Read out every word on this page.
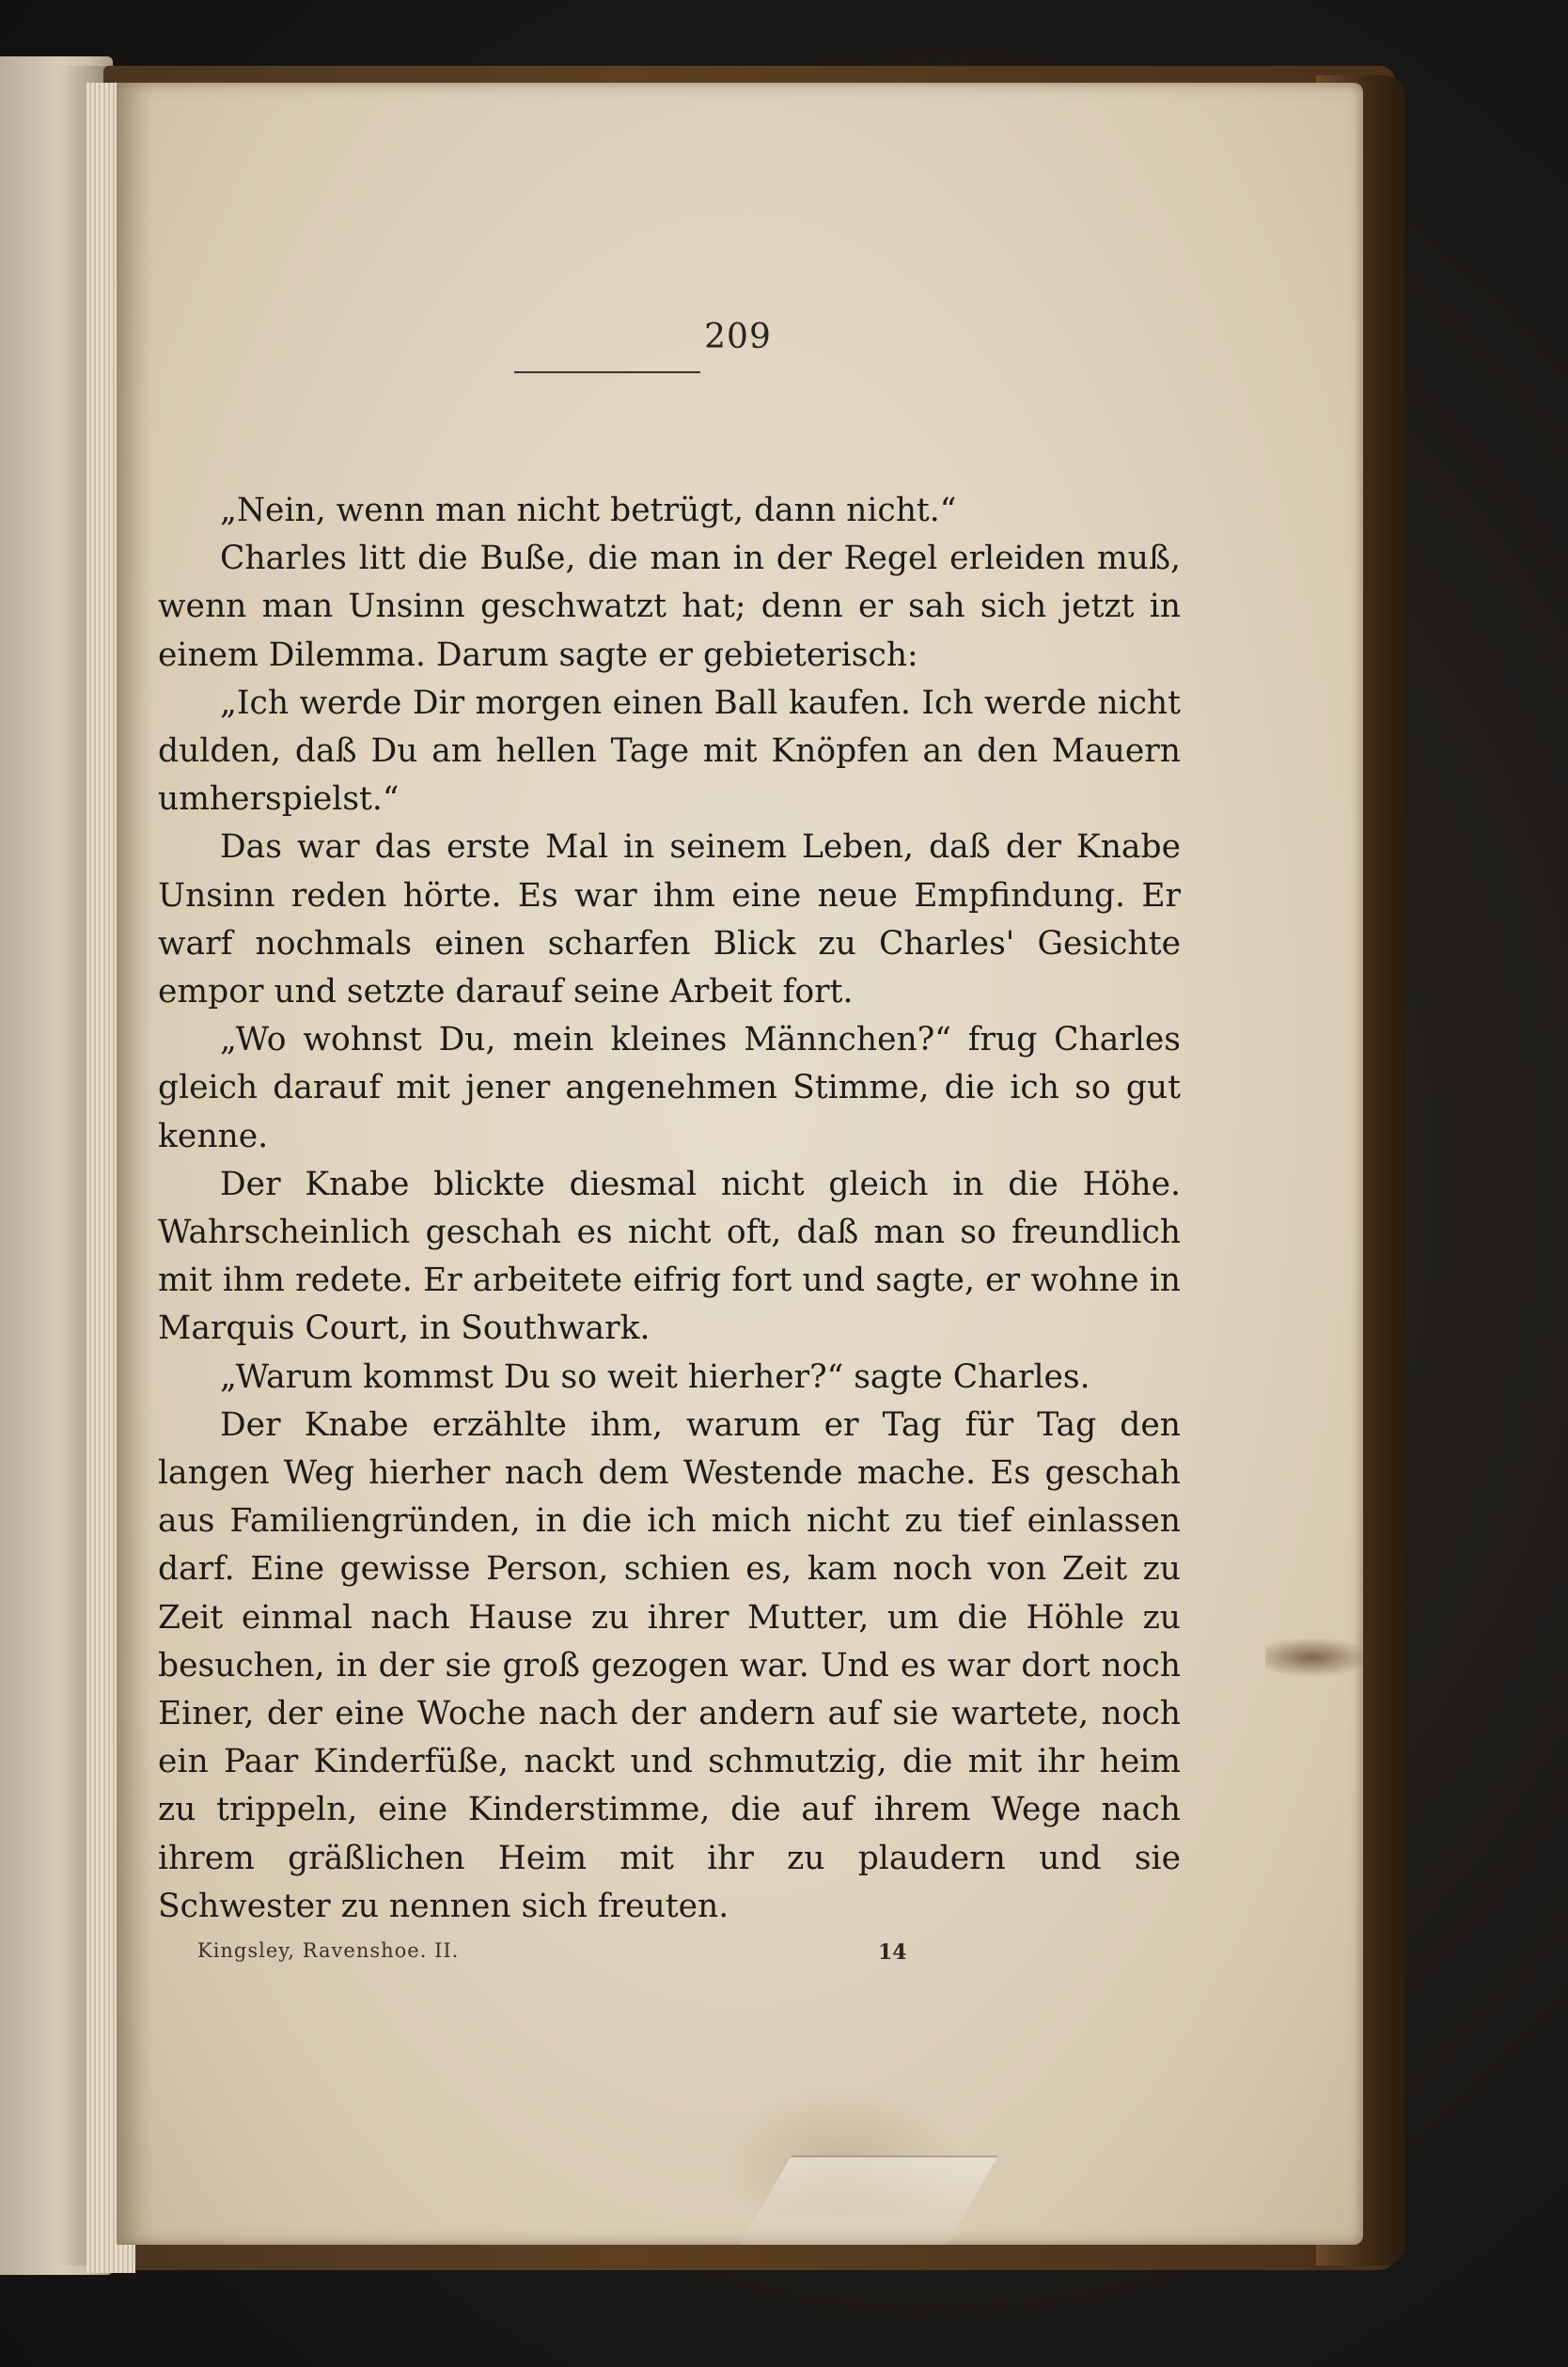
209

„Nein, wenn man nicht betrügt, dann nicht.“

Charles litt die Buße, die man in der Regel erleiden muß, wenn man Unsinn geschwatzt hat; denn er sah sich jetzt in einem Dilemma. Darum sagte er gebieterisch:

„Ich werde Dir morgen einen Ball kaufen. Ich werde nicht dulden, daß Du am hellen Tage mit Knöpfen an den Mauern umherspielst.“

Das war das erste Mal in seinem Leben, daß der Knabe Unsinn reden hörte. Es war ihm eine neue Empfindung. Er warf nochmals einen scharfen Blick zu Charles' Gesichte empor und setzte darauf seine Arbeit fort.

„Wo wohnst Du, mein kleines Männchen?“ frug Charles gleich darauf mit jener angenehmen Stimme, die ich so gut kenne.

Der Knabe blickte diesmal nicht gleich in die Höhe. Wahrscheinlich geschah es nicht oft, daß man so freundlich mit ihm redete. Er arbeitete eifrig fort und sagte, er wohne in Marquis Court, in Southwark.

„Warum kommst Du so weit hierher?“ sagte Charles.

Der Knabe erzählte ihm, warum er Tag für Tag den langen Weg hierher nach dem Westende mache. Es geschah aus Familiengründen, in die ich mich nicht zu tief einlassen darf. Eine gewisse Person, schien es, kam noch von Zeit zu Zeit einmal nach Hause zu ihrer Mutter, um die Höhle zu besuchen, in der sie groß gezogen war. Und es war dort noch Einer, der eine Woche nach der andern auf sie wartete, noch ein Paar Kinderfüße, nackt und schmutzig, die mit ihr heim zu trippeln, eine Kinderstimme, die auf ihrem Wege nach ihrem gräßlichen Heim mit ihr zu plaudern und sie Schwester zu nennen sich freuten.

Kingsley, Ravenshoe. II.	14
